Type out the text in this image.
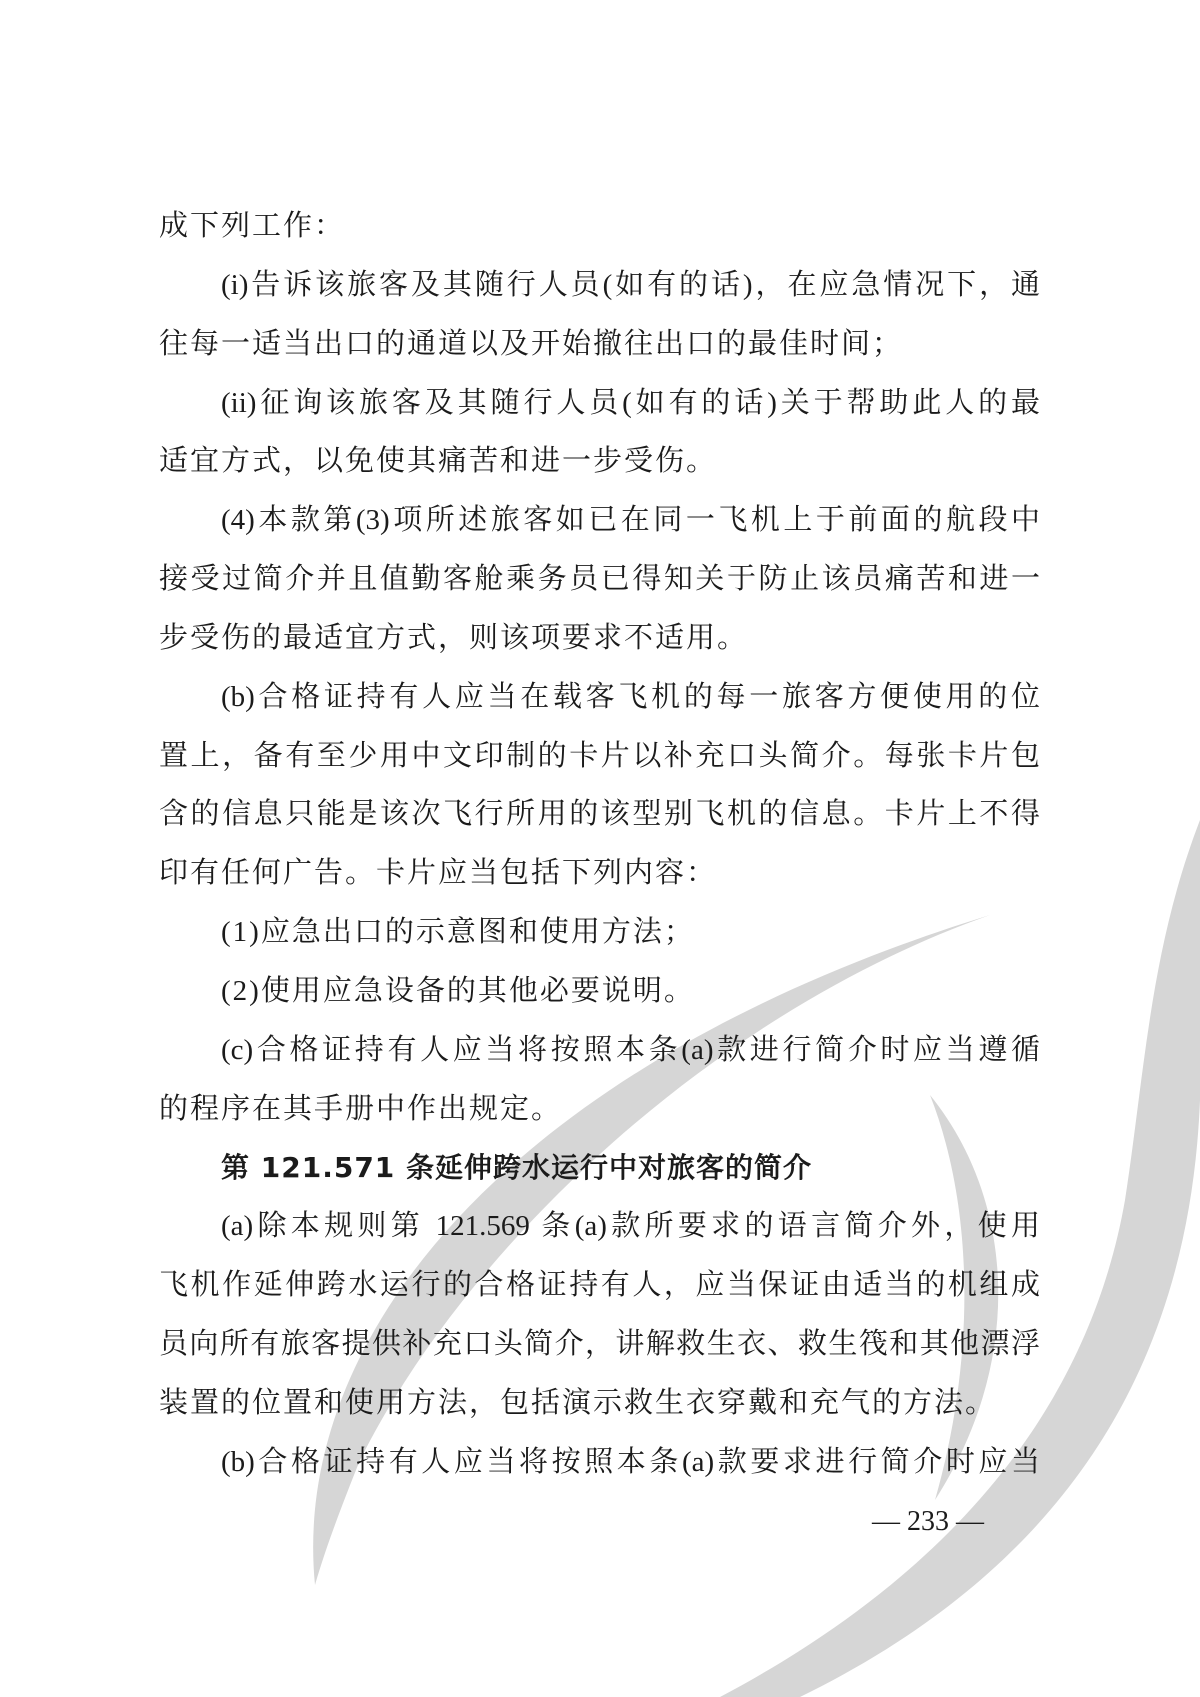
成下列工作：
(i)告诉该旅客及其随行人员(如有的话)，在应急情况下，通
往每一适当出口的通道以及开始撤往出口的最佳时间；
(ii)征询该旅客及其随行人员(如有的话)关于帮助此人的最
适宜方式，以免使其痛苦和进一步受伤。
(4)本款第(3)项所述旅客如已在同一飞机上于前面的航段中
接受过简介并且值勤客舱乘务员已得知关于防止该员痛苦和进一
步受伤的最适宜方式，则该项要求不适用。
(b)合格证持有人应当在载客飞机的每一旅客方便使用的位
置上，备有至少用中文印制的卡片以补充口头简介。每张卡片包
含的信息只能是该次飞行所用的该型别飞机的信息。卡片上不得
印有任何广告。卡片应当包括下列内容：
(1)应急出口的示意图和使用方法；
(2)使用应急设备的其他必要说明。
(c)合格证持有人应当将按照本条(a)款进行简介时应当遵循
的程序在其手册中作出规定。
第 121.571 条延伸跨水运行中对旅客的简介
(a)除本规则第 121.569 条(a)款所要求的语言简介外，使用
飞机作延伸跨水运行的合格证持有人，应当保证由适当的机组成
员向所有旅客提供补充口头简介，讲解救生衣、救生筏和其他漂浮
装置的位置和使用方法，包括演示救生衣穿戴和充气的方法。
(b)合格证持有人应当将按照本条(a)款要求进行简介时应当
— 233 —
